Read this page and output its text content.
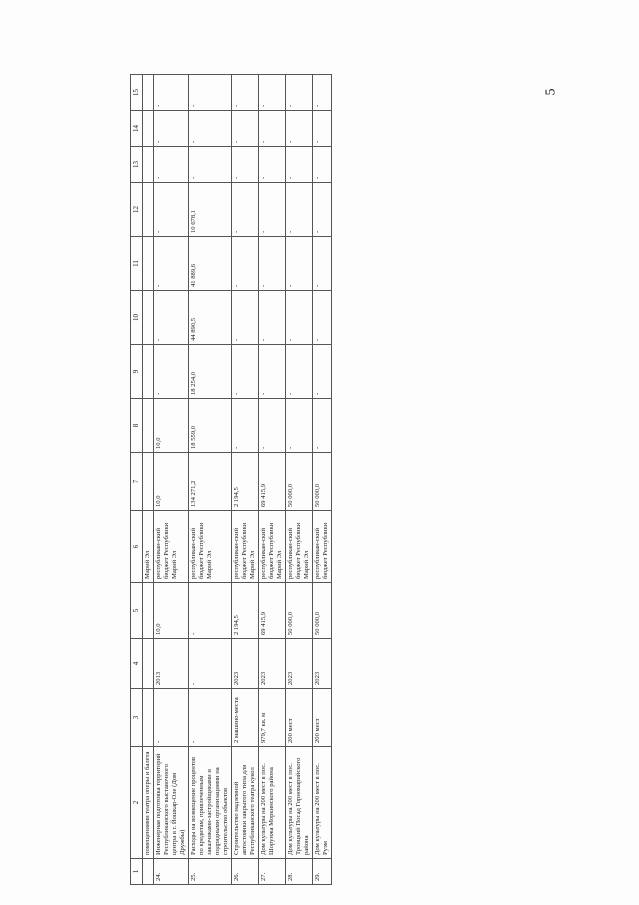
5
1	2	3	4	5	6	7	8	9	10	11	12	13	14	15
	помещениями театра оперы и балета				Марий Эл									
24.	Инженерная подготовка территорий Республиканского выставочного центра в г. Йошкар-Оле (Дом Дружбы)	-	2013	10,0	республикан-ский бюджет Республики Марий Эл	10,0	10,0	-	-	-	-	-	-	-
25.	Расходы на возмещение процентов по кредитам, привлеченным заказчиками-застройщиками и подрядными организациями на строительство объектов	-	-	-	республикан-ский бюджет Республики Марий Эл	134 271,2	18 559,0	18 254,0	44 890,5	41 889,6	10 678,1	-	-	-
26.	Строительство надземной автостоянки закрытого типа для Республиканского театра кукол	2 машино-места	2023	2 194,5	республикан-ский бюджет Республики Марий Эл	2 194,5	-	-	-	-	-	-	-	-
27.	Дом культуры на 200 мест в пос. Шорунжа Моркинского района	979,7 кв. м	2023	69 415,9	республикан-ский бюджет Республики Марий Эл	69 415,9	-	-	-	-	-	-	-	-
28.	Дом культуры на 200 мест в пос. Троицкий Посад Горномарийского района	200 мест	2023	50 000,0	республикан-ский бюджет Республики Марий Эл	50 000,0	-	-	-	-	-	-	-	-
29.	Дом культуры на 200 мест в пос. Руэм	200 мест	2023	50 000,0	республикан-ский бюджет Республики	50 000,0	-	-	-	-	-	-	-	-
